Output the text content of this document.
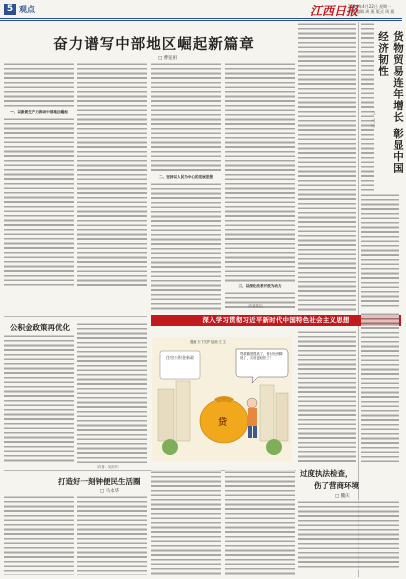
5 观点	江西日报
2024年4月22日 星期一
责任编辑 周 燕 版式 周 燕
奋力谱写中部地区崛起新篇章
□ 曹征祖
一、以新质生产力推动中部地区崛起
二、坚持以人民为中心的发展思想
三、以深化改革开放为动力
（作者单位）
货物贸易连年增长 彰显中国经济韧性
深入学习贯彻习近平新时代中国特色社会主义思想
公积金政策再优化
（作者：吴庆华）
漫画 天下关护 绘画 王 文
住房公积金新政
贷
贷款额度提高了，首付比例降低了，买房更轻松了！
过度执法检查，
伤了营商环境
□ 魏庆
打造好一刻钟便民生活圈
□ 马永华
